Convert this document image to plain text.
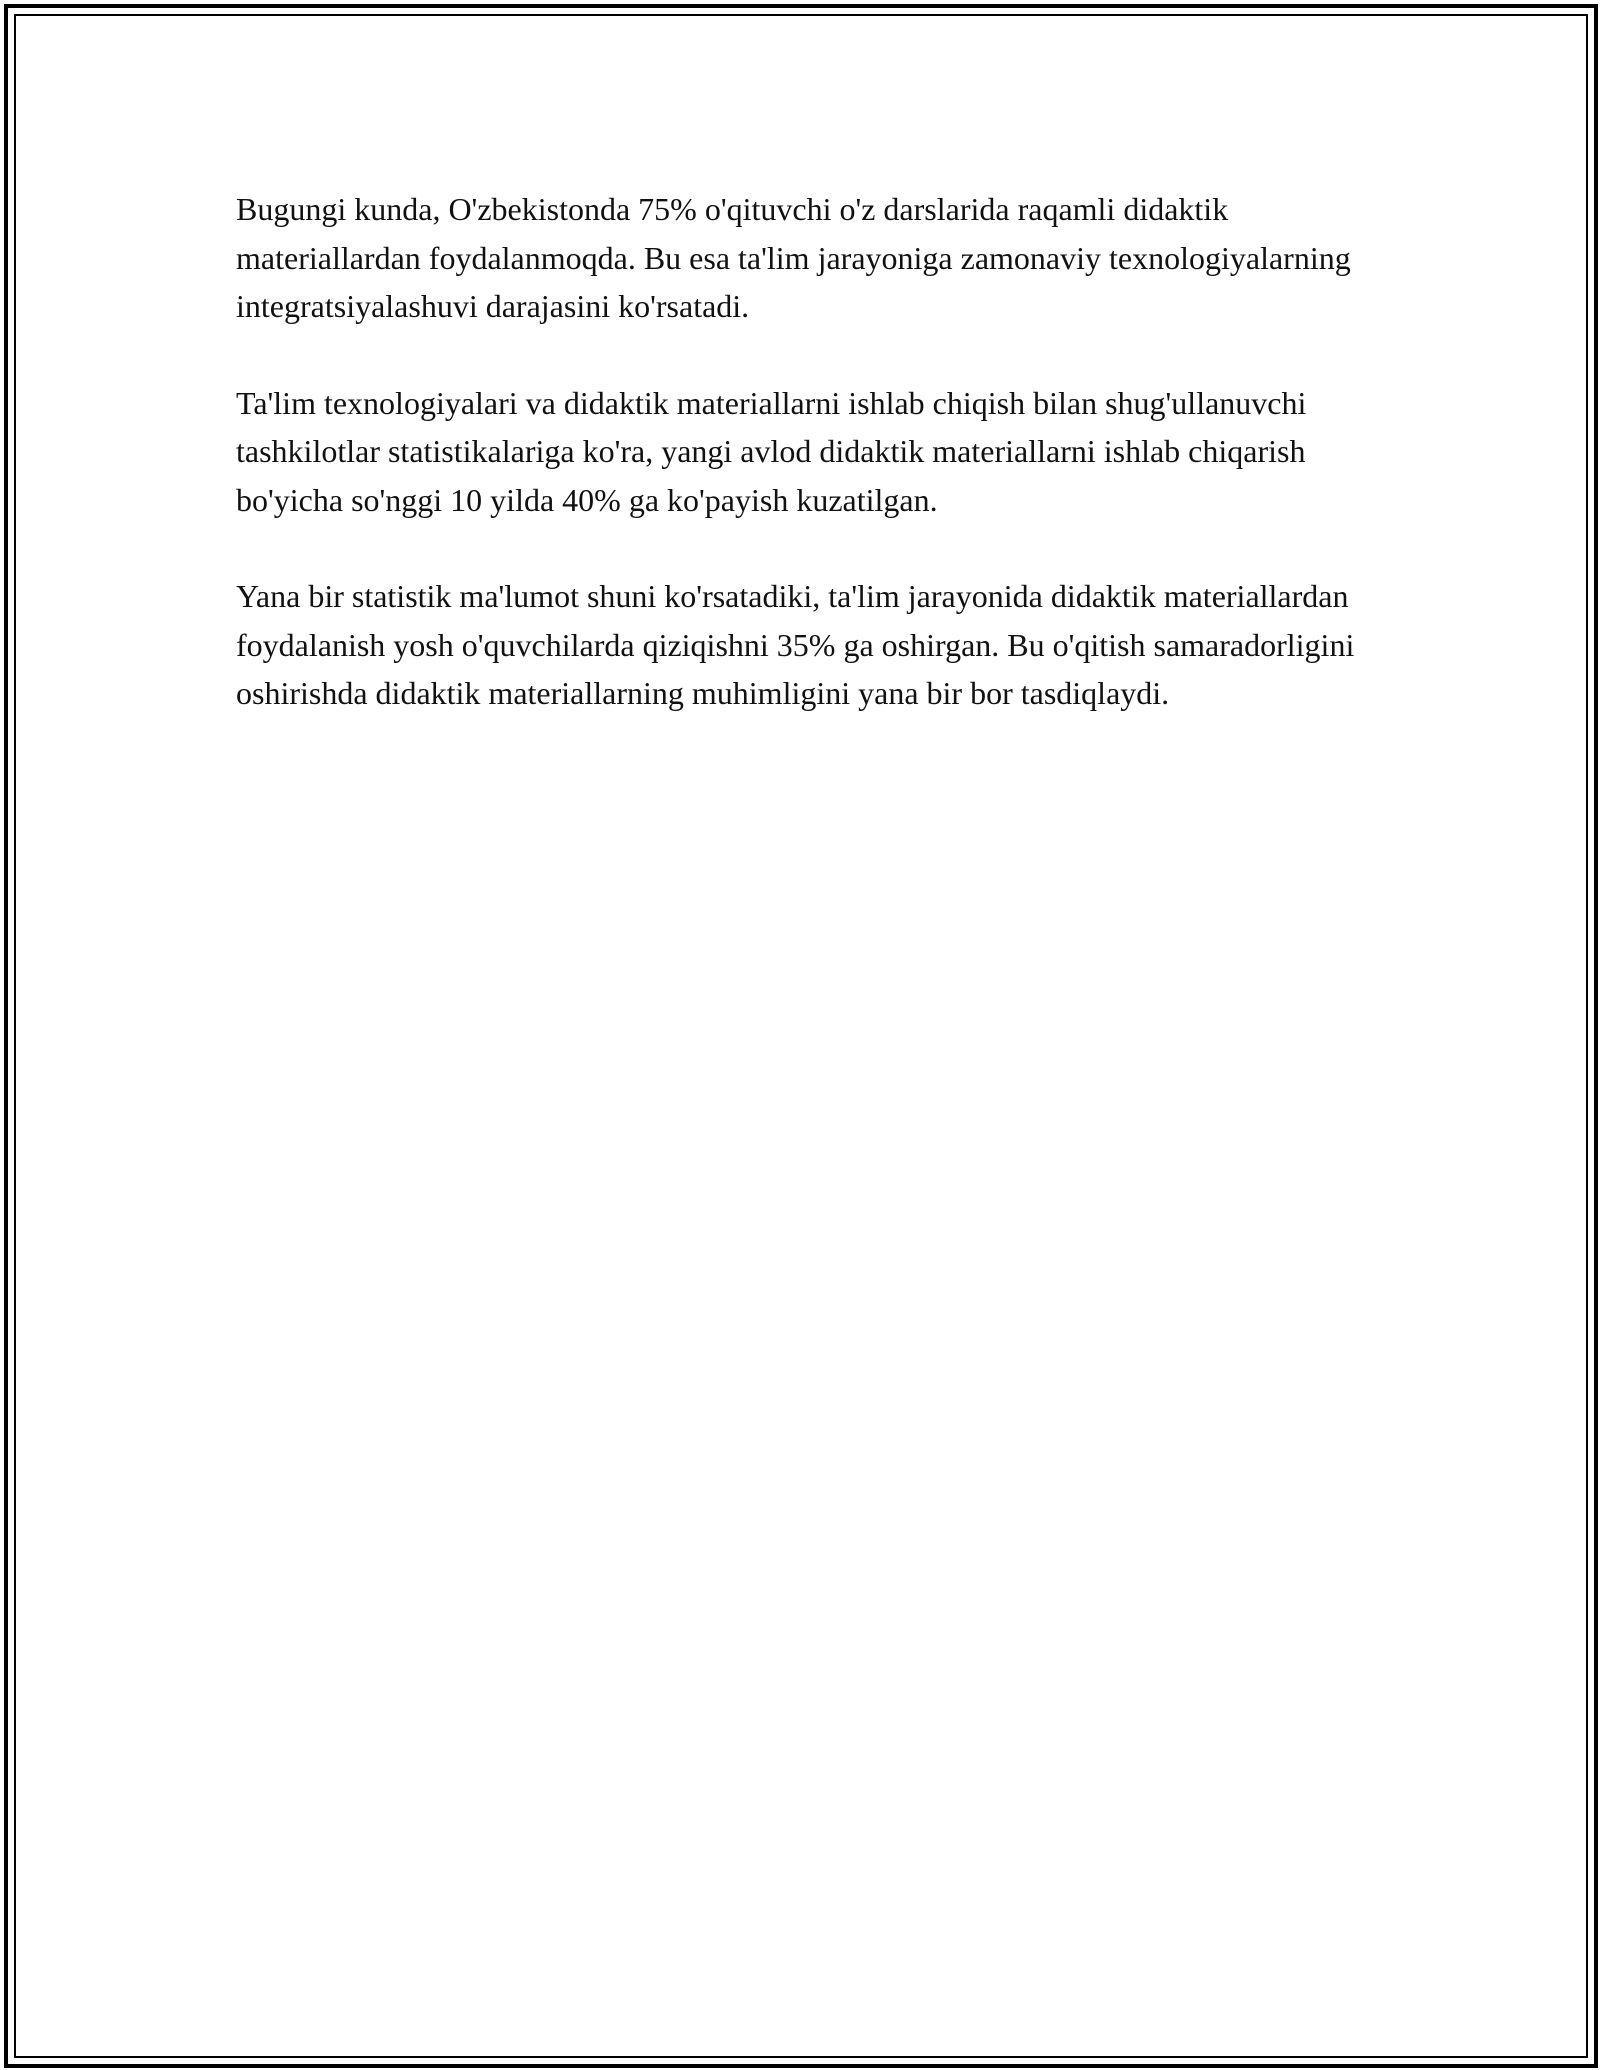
Bugungi kunda, O'zbekistonda 75% o'qituvchi o'z darslarida raqamli didaktik materiallardan foydalanmoqda. Bu esa ta'lim jarayoniga zamonaviy texnologiyalarning integratsiyalashuvi darajasini ko'rsatadi.

Ta'lim texnologiyalari va didaktik materiallarni ishlab chiqish bilan shug'ullanuvchi tashkilotlar statistikalariga ko'ra, yangi avlod didaktik materiallarni ishlab chiqarish bo'yicha so'nggi 10 yilda 40% ga ko'payish kuzatilgan.

Yana bir statistik ma'lumot shuni ko'rsatadiki, ta'lim jarayonida didaktik materiallardan foydalanish yosh o'quvchilarda qiziqishni 35% ga oshirgan. Bu o'qitish samaradorligini oshirishda didaktik materiallarning muhimligini yana bir bor tasdiqlaydi.
